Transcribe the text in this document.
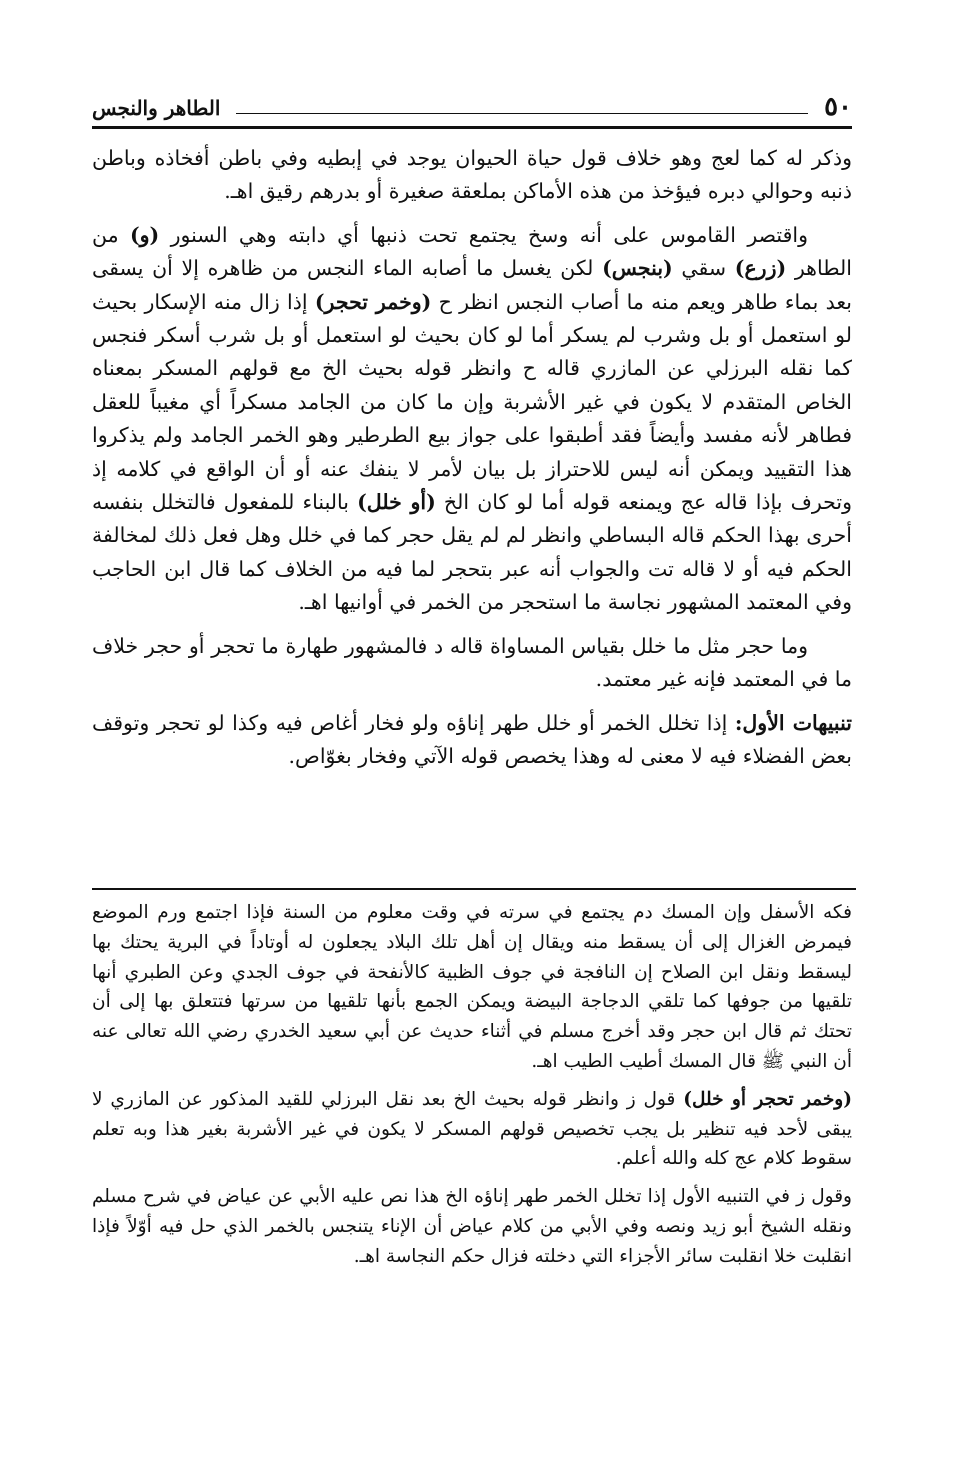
٥٠
الطاهر والنجس

وذكر له كما لعج وهو خلاف قول حياة الحيوان يوجد في إبطيه وفي باطن أفخاذه وباطن ذنبه وحوالي دبره فيؤخذ من هذه الأماكن بملعقة صغيرة أو بدرهم رقيق اهـ.

واقتصر القاموس على أنه وسخ يجتمع تحت ذنبها أي دابته وهي السنور (و) من الطاهر (زرع) سقي (بنجس) لكن يغسل ما أصابه الماء النجس من ظاهره إلا أن يسقى بعد بماء طاهر ويعم منه ما أصاب النجس انظر ح (وخمر تحجر) إذا زال منه الإسكار بحيث لو استعمل أو بل وشرب لم يسكر أما لو كان بحيث لو استعمل أو بل شرب أسكر فنجس كما نقله البرزلي عن المازري قاله ح وانظر قوله بحيث الخ مع قولهم المسكر بمعناه الخاص المتقدم لا يكون في غير الأشربة وإن ما كان من الجامد مسكراً أي مغيباً للعقل فطاهر لأنه مفسد وأيضاً فقد أطبقوا على جواز بيع الطرطير وهو الخمر الجامد ولم يذكروا هذا التقييد ويمكن أنه ليس للاحتراز بل بيان لأمر لا ينفك عنه أو أن الواقع في كلامه إذ وتحرف بإذا قاله عج ويمنعه قوله أما لو كان الخ (أو خلل) بالبناء للمفعول فالتخلل بنفسه أحرى بهذا الحكم قاله البساطي وانظر لم لم يقل حجر كما في خلل وهل فعل ذلك لمخالفة الحكم فيه أو لا قاله تت والجواب أنه عبر بتحجر لما فيه من الخلاف كما قال ابن الحاجب وفي المعتمد المشهور نجاسة ما استحجر من الخمر في أوانيها اهـ.

وما حجر مثل ما خلل بقياس المساواة قاله د فالمشهور طهارة ما تحجر أو حجر خلاف ما في المعتمد فإنه غير معتمد.

تنبيهات الأول: إذا تخلل الخمر أو خلل طهر إناؤه ولو فخار أغاص فيه وكذا لو تحجر وتوقف بعض الفضلاء فيه لا معنى له وهذا يخصص قوله الآتي وفخار بغوّاص.

فكه الأسفل وإن المسك دم يجتمع في سرته في وقت معلوم من السنة فإذا اجتمع ورم الموضع فيمرض الغزال إلى أن يسقط منه ويقال إن أهل تلك البلاد يجعلون له أوتاداً في البرية يحتك بها ليسقط ونقل ابن الصلاح إن النافجة في جوف الظبية كالأنفحة في جوف الجدي وعن الطبري أنها تلقيها من جوفها كما تلقي الدجاجة البيضة ويمكن الجمع بأنها تلقيها من سرتها فتتعلق بها إلى أن تحتك ثم قال ابن حجر وقد أخرج مسلم في أثناء حديث عن أبي سعيد الخدري رضي الله تعالى عنه أن النبي ﷺ قال المسك أطيب الطيب اهـ.

(وخمر تحجر أو خلل) قول ز وانظر قوله بحيث الخ بعد نقل البرزلي للقيد المذكور عن المازري لا يبقى لأحد فيه تنظير بل يجب تخصيص قولهم المسكر لا يكون في غير الأشربة بغير هذا وبه تعلم سقوط كلام عج كله والله أعلم.

وقول ز في التنبيه الأول إذا تخلل الخمر طهر إناؤه الخ هذا نص عليه الأبي عن عياض في شرح مسلم ونقله الشيخ أبو زيد ونصه وفي الأبي من كلام عياض أن الإناء يتنجس بالخمر الذي حل فيه أوّلاً فإذا انقلبت خلا انقلبت سائر الأجزاء التي دخلته فزال حكم النجاسة اهـ.
